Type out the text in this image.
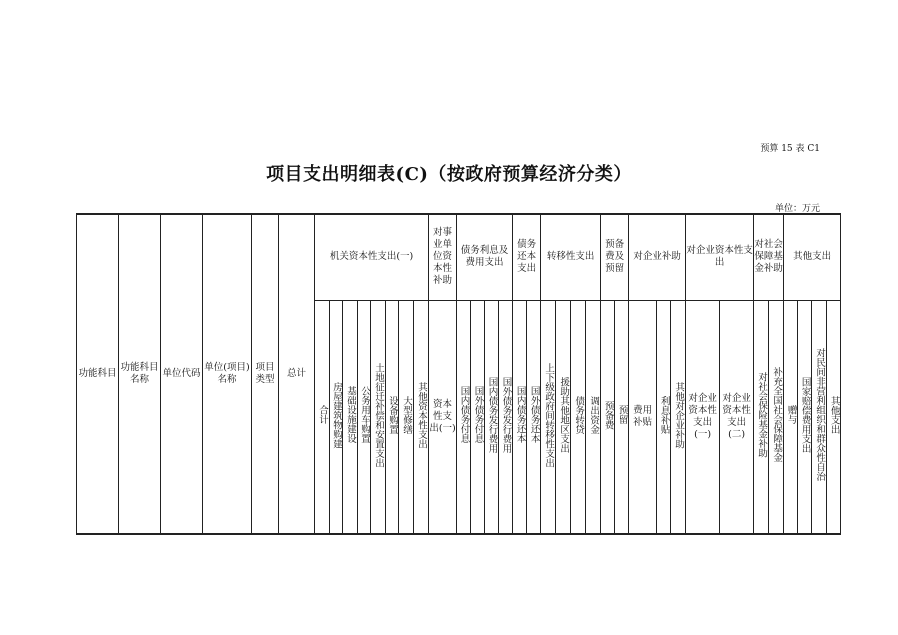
预算 15 表 C1
项目支出明细表(C)（按政府预算经济分类）
单位：万元
功能科目	功能科目名称	单位代码	单位(项目)名称	项目类型	总计	机关资本性支出(一)								对事业单位资本性补助	债务利息及费用支出				债务还本支出		转移性支出				预备费及预留		对企业补助			对企业资本性支出		对社会保障基金补助		其他支出			
						合计	房屋建筑物购建	基础设施建设	公务用车购置	土地征迁补偿和安置支出	设备购置	大型修缮	其他资本性支出	资本性支出(一)	国内债务付息	国外债务付息	国内债务发行费用	国外债务发行费用	国内债务还本	国外债务还本	上下级政府间转移性支出	援助其他地区支出	债务转贷	调出资金	预备费	预留	费用补贴	利息补贴	其他对企业补助	对企业资本性支出(一)	对企业资本性支出(二)	对社会保险基金补助	补充全国社会保障基金	赠与	国家赔偿费用支出	对民间非营利组织和群众性自治	其他支出
